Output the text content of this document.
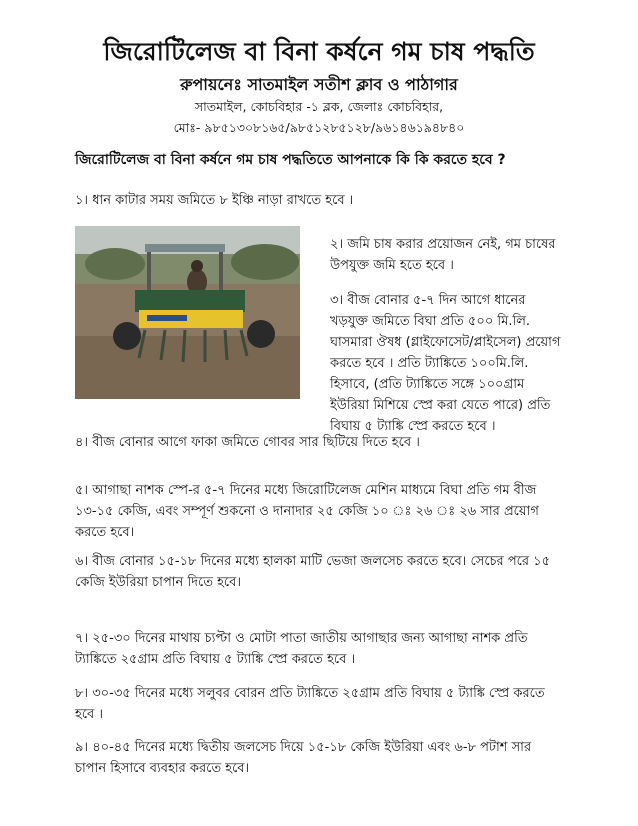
জিরোটিলেজ বা বিনা কর্ষনে গম চাষ পদ্ধতি
রুপায়নেঃ সাতমাইল সতীশ ক্লাব ও পাঠাগার
সাতমাইল, কোচবিহার -১ ব্লক, জেলাঃ কোচবিহার,
মোঃ- ৯৮৫১৩০৮১৬৫/৯৮৫১২৮৫১২৮/৯৬১৪৬১৯৪৮৪০
জিরোটিলেজ বা বিনা কর্ষনে গম চাষ পদ্ধতিতে আপনাকে কি কি করতে হবে ?
১। ধান কাটার সময় জমিতে ৮ ইঞ্চি নাড়া রাখতে হবে ।
২। জমি চাষ করার প্রয়োজন নেই, গম চাষের উপযুক্ত জমি হতে হবে ।
৩। বীজ বোনার ৫-৭ দিন আগে ধানের খড়যুক্ত জমিতে বিঘা প্রতি ৫০০ মি.লি. ঘাসমারা ঔষধ (গ্লাইফোসেট/প্লাইসেল) প্রয়োগ করতে হবে । প্রতি ট্যাঙ্কিতে ১০০মি.লি. হিসাবে, (প্রতি ট্যাঙ্কিতে সঙ্গে ১০০গ্রাম ইউরিয়া মিশিয়ে স্প্রে করা যেতে পারে) প্রতি বিঘায় ৫ ট্যাঙ্কি স্প্রে করতে হবে ।
৪। বীজ বোনার আগে ফাকা জমিতে গোবর সার ছিটিয়ে দিতে হবে ।
৫। আগাছা নাশক স্পে-র ৫-৭ দিনের মধ্যে জিরোটিলেজ মেশিন মাধ্যমে বিঘা প্রতি গম বীজ ১৩-১৫ কেজি, এবং সম্পূর্ণ শুকনো ও দানাদার ২৫ কেজি ১০ ঃ ২৬ ঃ ২৬ সার প্রয়োগ করতে হবে।
৬। বীজ বোনার ১৫-১৮ দিনের মধ্যে হালকা মাটি ভেজা জলসেচ করতে হবে। সেচের পরে ১৫ কেজি ইউরিয়া চাপান দিতে হবে।
৭। ২৫-৩০ দিনের মাথায় চ্যপ্টা ও মোটা পাতা জাতীয় আগাছার জন্য আগাছা নাশক প্রতি ট্যাঙ্কিতে ২৫গ্রাম প্রতি বিঘায় ৫ ট্যাঙ্কি স্প্রে করতে হবে ।
৮। ৩০-৩৫ দিনের মধ্যে সলুবর বোরন প্রতি ট্যাঙ্কিতে ২৫গ্রাম প্রতি বিঘায় ৫ ট্যাঙ্কি স্প্রে করতে হবে ।
৯। ৪০-৪৫ দিনের মধ্যে দ্বিতীয় জলসেচ দিয়ে ১৫-১৮ কেজি ইউরিয়া এবং ৬-৮ পটাশ সার চাপান হিসাবে ব্যবহার করতে হবে।
